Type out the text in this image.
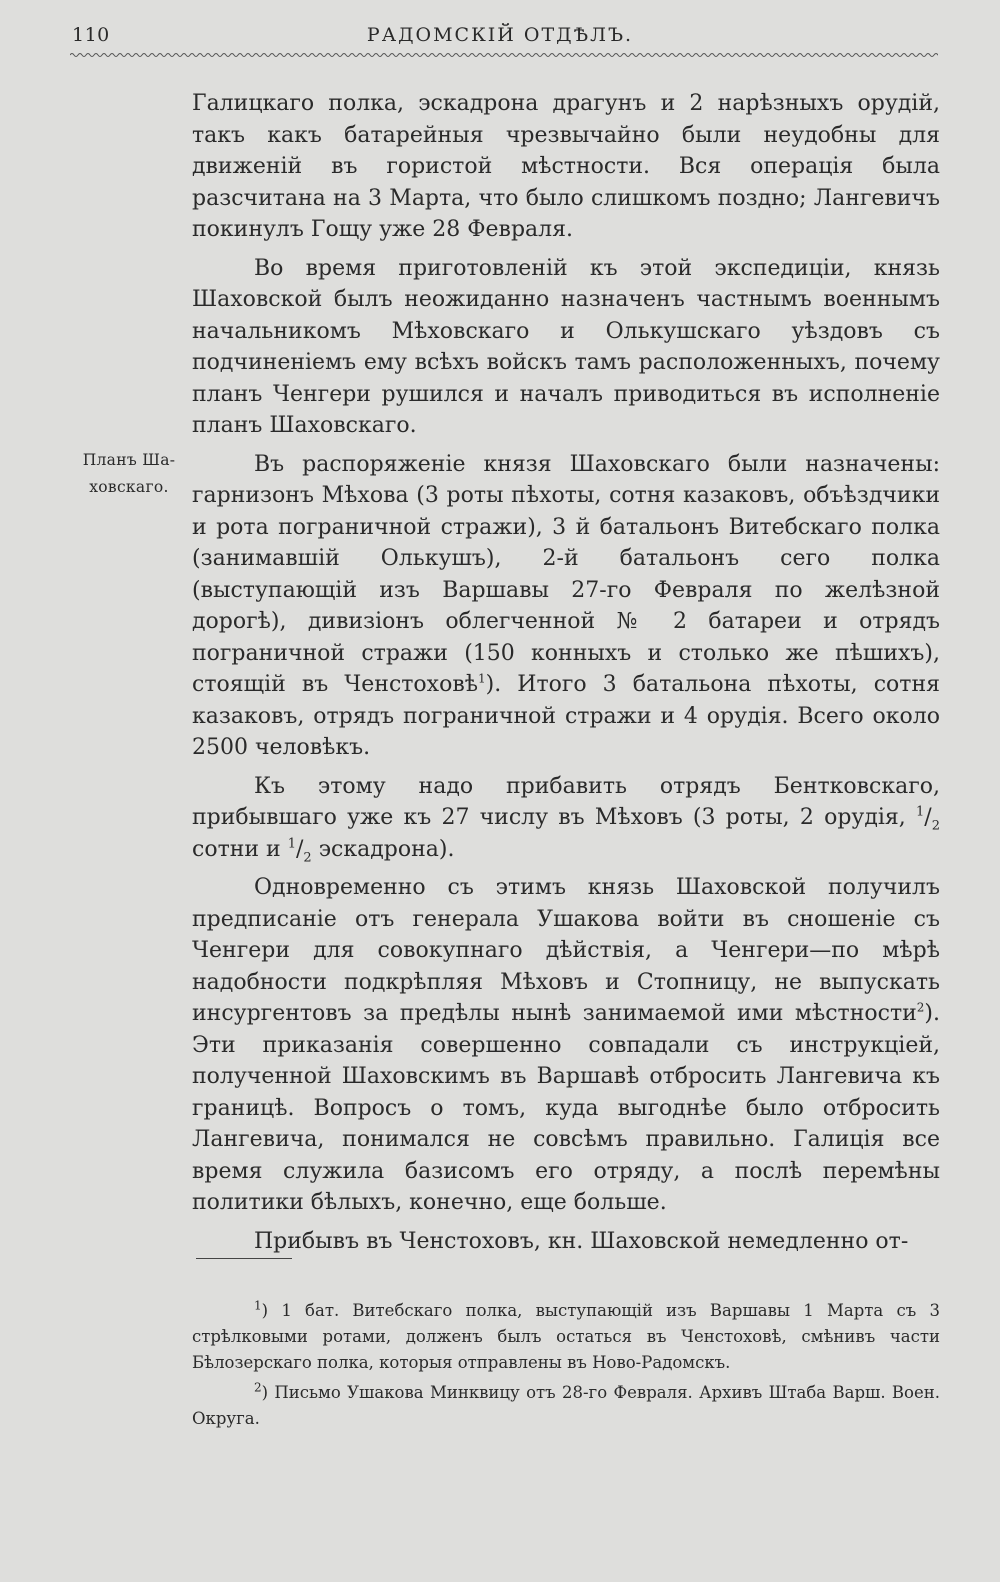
110	РАДОМСКІЙ ОТДѢЛЪ.
Планъ Ша-
ховскаго.

Галицкаго полка, эскадрона драгунъ и 2 нарѣзныхъ орудій, такъ какъ батарейныя чрезвычайно были неудобны для движеній въ гористой мѣстности. Вся операція была разсчитана на 3 Марта, что было слишкомъ поздно; Лангевичъ покинулъ Гощу уже 28 Февраля.

Во время приготовленій къ этой экспедиціи, князь Шаховской былъ неожиданно назначенъ частнымъ военнымъ начальникомъ Мѣховскаго и Олькушскаго уѣздовъ съ подчиненіемъ ему всѣхъ войскъ тамъ расположенныхъ, почему планъ Ченгери рушился и началъ приводиться въ исполненіе планъ Шаховскаго.

Въ распоряженіе князя Шаховскаго были назначены: гарнизонъ Мѣхова (3 роты пѣхоты, сотня казаковъ, объѣздчики и рота пограничной стражи), 3 й батальонъ Витебскаго полка (занимавшій Олькушъ), 2-й батальонъ сего полка (выступающій изъ Варшавы 27-го Февраля по желѣзной дорогѣ), дивизіонъ облегченной № 2 батареи и отрядъ пограничной стражи (150 конныхъ и столько же пѣшихъ), стоящій въ Ченстоховѣ$^1$). Итого 3 батальона пѣхоты, сотня казаковъ, отрядъ пограничной стражи и 4 орудія. Всего около 2500 человѣкъ.

Къ этому надо прибавить отрядъ Бентковскаго, прибывшаго уже къ 27 числу въ Мѣховъ (3 роты, 2 орудія, $^1/_2$ сотни и $^1/_2$ эскадрона).

Одновременно съ этимъ князь Шаховской получилъ предписаніе отъ генерала Ушакова войти въ сношеніе съ Ченгери для совокупнаго дѣйствія, а Ченгери—по мѣрѣ надобности подкрѣпляя Мѣховъ и Стопницу, не выпускать инсургентовъ за предѣлы нынѣ занимаемой ими мѣстности$^2$). Эти приказанія совершенно совпадали съ инструкціей, полученной Шаховскимъ въ Варшавѣ отбросить Лангевича къ границѣ. Вопросъ о томъ, куда выгоднѣе было отбросить Лангевича, понимался не совсѣмъ правильно. Галиція все время служила базисомъ его отряду, а послѣ перемѣны политики бѣлыхъ, конечно, еще больше.

Прибывъ въ Ченстоховъ, кн. Шаховской немедленно от-

$^1$) 1 бат. Витебскаго полка, выступающій изъ Варшавы 1 Марта съ 3 стрѣлковыми ротами, долженъ былъ остаться въ Ченстоховѣ, смѣнивъ части Бѣлозерскаго полка, которыя отправлены въ Ново-Радомскъ.

$^2$) Письмо Ушакова Минквицу отъ 28-го Февраля. Архивъ Штаба Варш. Воен. Округа.
